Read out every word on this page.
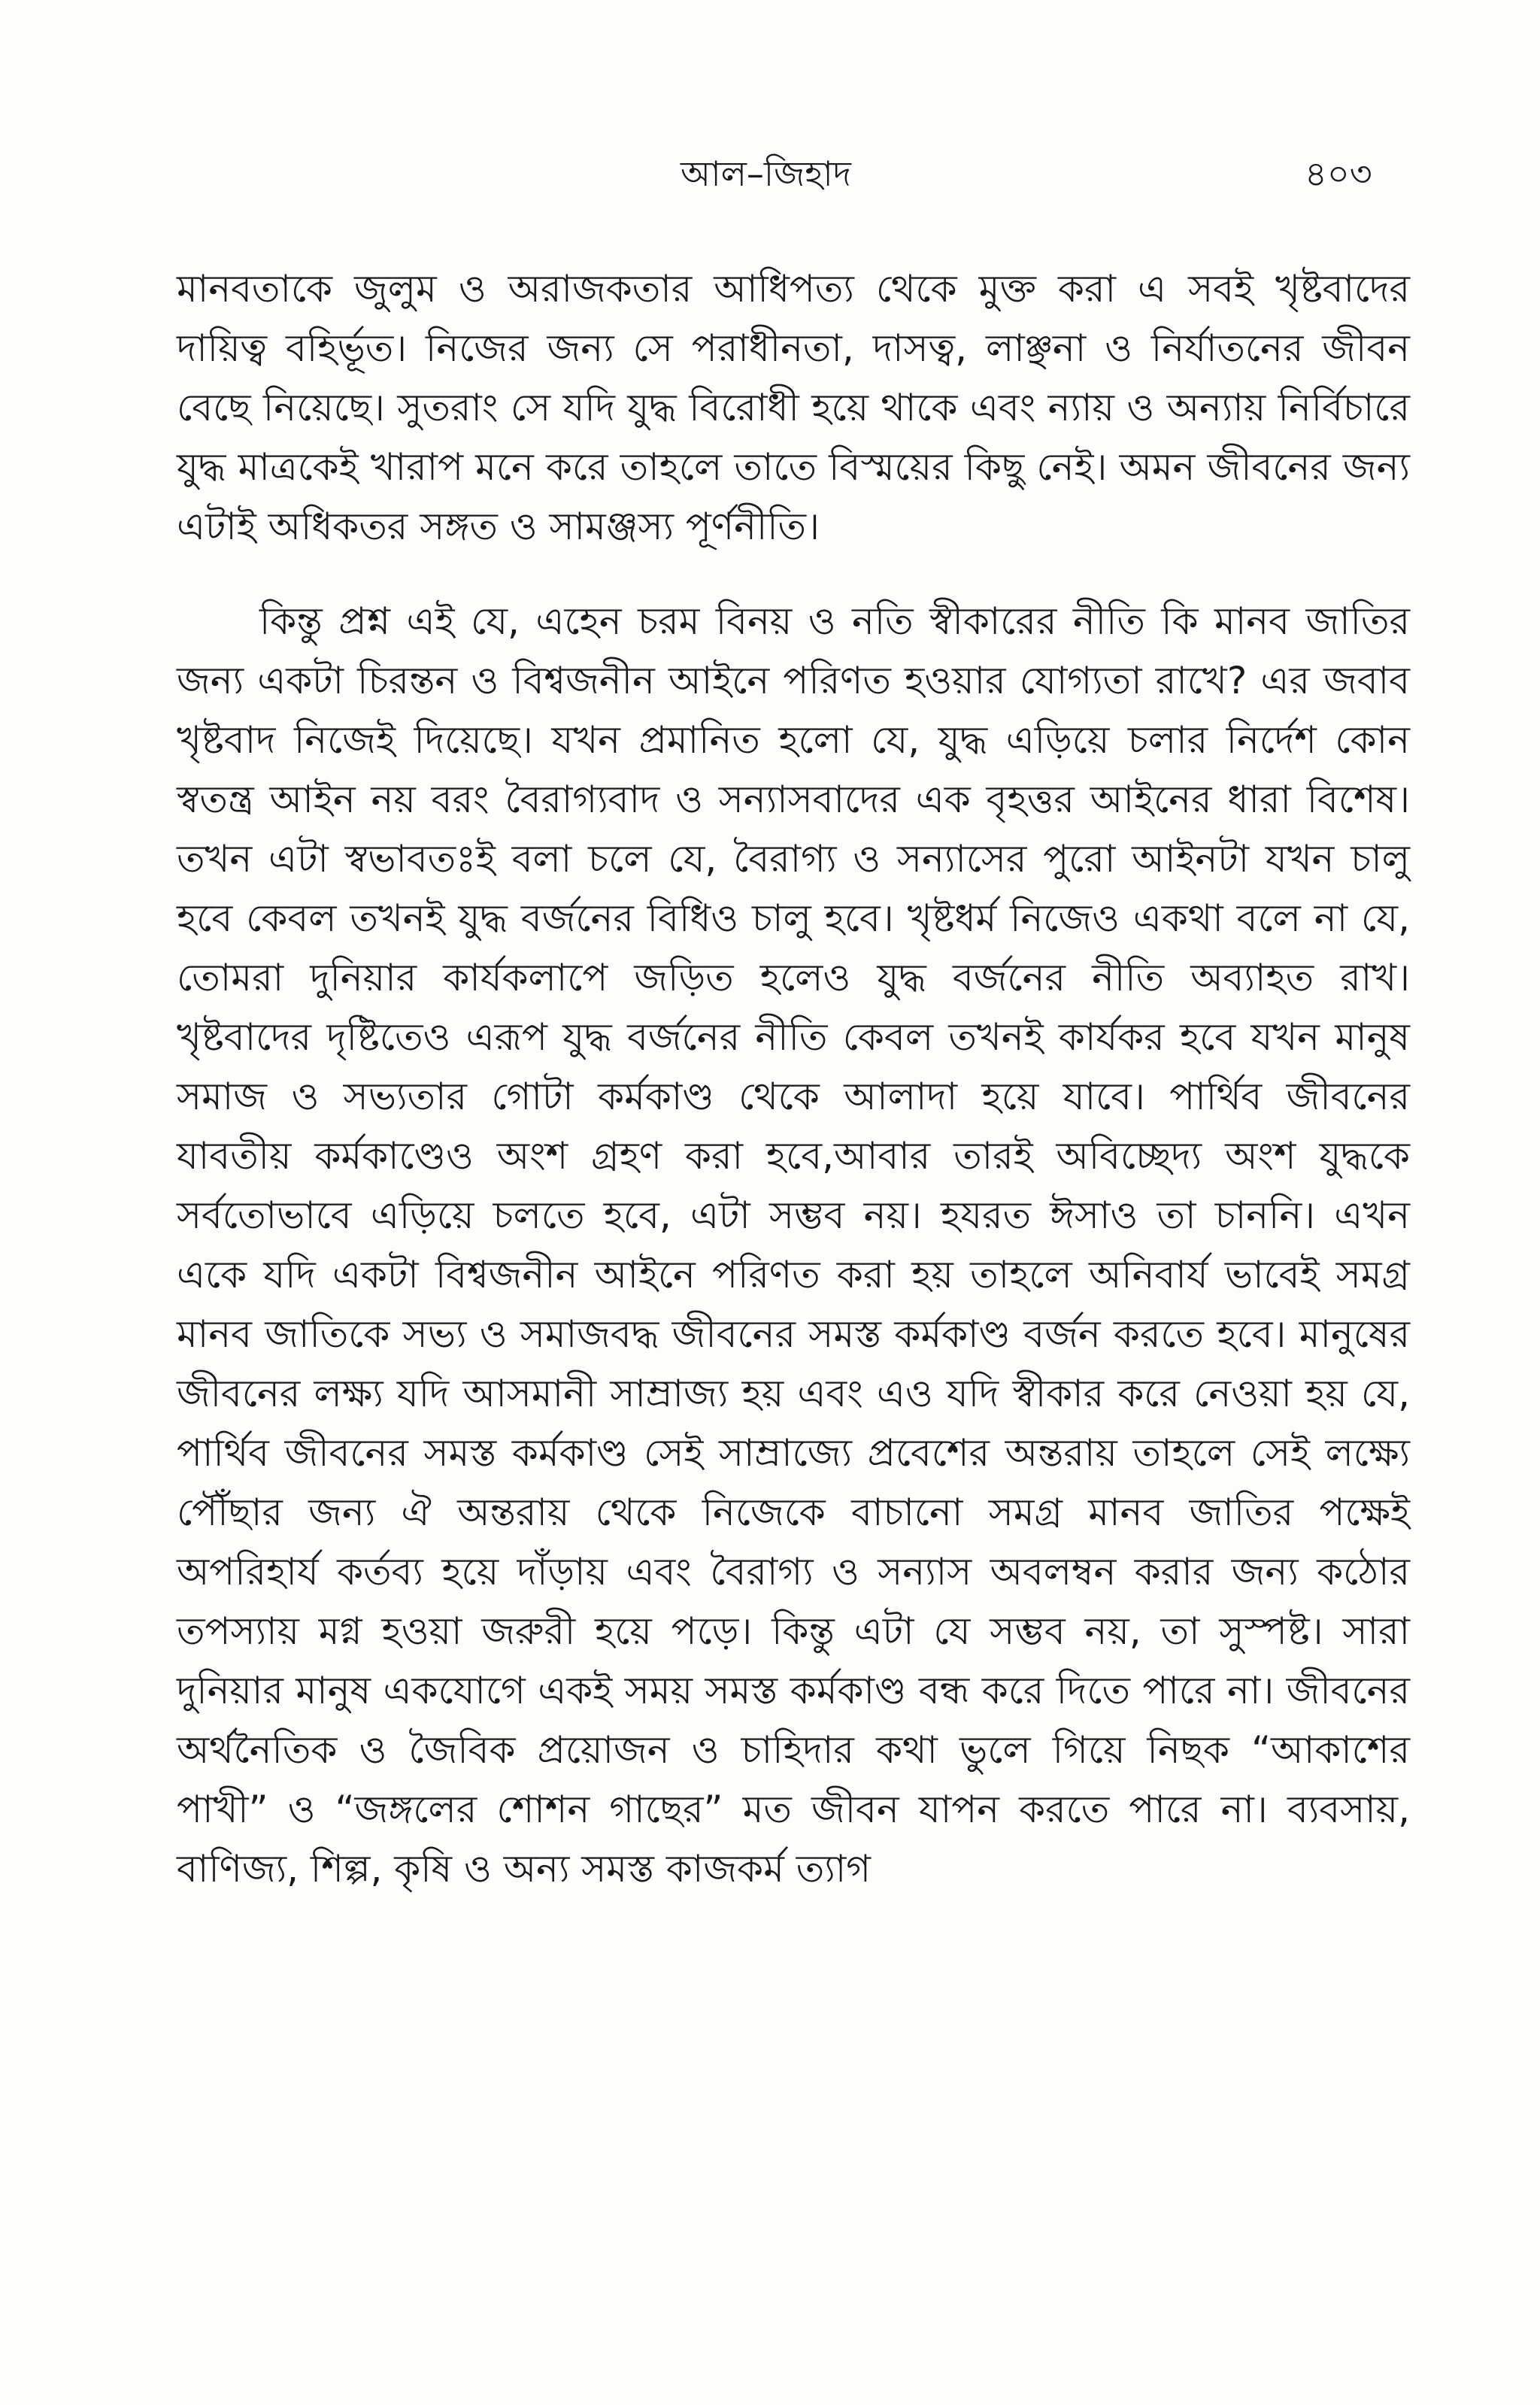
আল–জিহাদ	৪০৩

মানবতাকে জুলুম ও অরাজকতার আধিপত্য থেকে মুক্ত করা এ সবই খৃষ্টবাদের দায়িত্ব বহির্ভূত। নিজের জন্য সে পরাধীনতা, দাসত্ব, লাঞ্ছনা ও নির্যাতনের জীবন বেছে নিয়েছে। সুতরাং সে যদি যুদ্ধ বিরোধী হয়ে থাকে এবং ন্যায় ও অন্যায় নির্বিচারে যুদ্ধ মাত্রকেই খারাপ মনে করে তাহলে তাতে বিস্ময়ের কিছু নেই। অমন জীবনের জন্য এটাই অধিকতর সঙ্গত ও সামঞ্জস্য পূর্ণনীতি।

কিন্তু প্রশ্ন এই যে, এহেন চরম বিনয় ও নতি স্বীকারের নীতি কি মানব জাতির জন্য একটা চিরন্তন ও বিশ্বজনীন আইনে পরিণত হওয়ার যোগ্যতা রাখে? এর জবাব খৃষ্টবাদ নিজেই দিয়েছে। যখন প্রমানিত হলো যে, যুদ্ধ এড়িয়ে চলার নির্দেশ কোন স্বতন্ত্র আইন নয় বরং বৈরাগ্যবাদ ও সন্যাসবাদের এক বৃহত্তর আইনের ধারা বিশেষ। তখন এটা স্বভাবতঃই বলা চলে যে, বৈরাগ্য ও সন্যাসের পুরো আইনটা যখন চালু হবে কেবল তখনই যুদ্ধ বর্জনের বিধিও চালু হবে। খৃষ্টধর্ম নিজেও একথা বলে না যে, তোমরা দুনিয়ার কার্যকলাপে জড়িত হলেও যুদ্ধ বর্জনের নীতি অব্যাহত রাখ। খৃষ্টবাদের দৃষ্টিতেও এরূপ যুদ্ধ বর্জনের নীতি কেবল তখনই কার্যকর হবে যখন মানুষ সমাজ ও সভ্যতার গোটা কর্মকাণ্ড থেকে আলাদা হয়ে যাবে। পার্থিব জীবনের যাবতীয় কর্মকাণ্ডেও অংশ গ্রহণ করা হবে,আবার তারই অবিচ্ছেদ্য অংশ যুদ্ধকে সর্বতোভাবে এড়িয়ে চলতে হবে, এটা সম্ভব নয়। হযরত ঈসাও তা চাননি। এখন একে যদি একটা বিশ্বজনীন আইনে পরিণত করা হয় তাহলে অনিবার্য ভাবেই সমগ্র মানব জাতিকে সভ্য ও সমাজবদ্ধ জীবনের সমস্ত কর্মকাণ্ড বর্জন করতে হবে। মানুষের জীবনের লক্ষ্য যদি আসমানী সাম্রাজ্য হয় এবং এও যদি স্বীকার করে নেওয়া হয় যে, পার্থিব জীবনের সমস্ত কর্মকাণ্ড সেই সাম্রাজ্যে প্রবেশের অন্তরায় তাহলে সেই লক্ষ্যে পৌঁছার জন্য ঐ অন্তরায় থেকে নিজেকে বাচানো সমগ্র মানব জাতির পক্ষেই অপরিহার্য কর্তব্য হয়ে দাঁড়ায় এবং বৈরাগ্য ও সন্যাস অবলম্বন করার জন্য কঠোর তপস্যায় মগ্ন হওয়া জরুরী হয়ে পড়ে। কিন্তু এটা যে সম্ভব নয়, তা সুস্পষ্ট। সারা দুনিয়ার মানুষ একযোগে একই সময় সমস্ত কর্মকাণ্ড বন্ধ করে দিতে পারে না। জীবনের অর্থনৈতিক ও জৈবিক প্রয়োজন ও চাহিদার কথা ভুলে গিয়ে নিছক “আকাশের পাখী” ও “জঙ্গলের শোশন গাছের” মত জীবন যাপন করতে পারে না। ব্যবসায়, বাণিজ্য, শিল্প, কৃষি ও অন্য সমস্ত কাজকর্ম ত্যাগ
